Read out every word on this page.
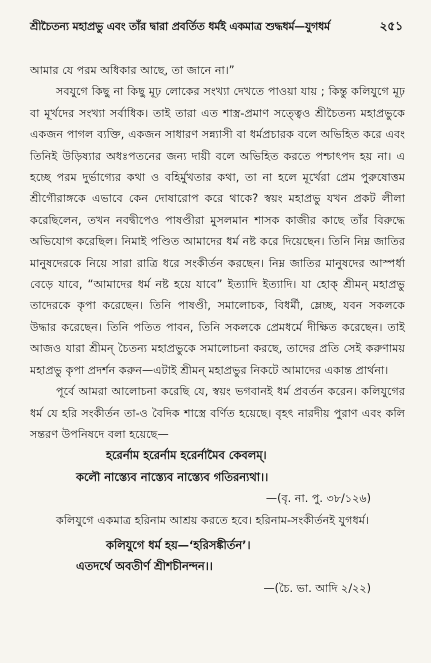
শ্রীচৈতন্য মহাপ্রভু এবং তাঁর দ্বারা প্রবর্তিত ধর্মই একমাত্র শুদ্ধধর্ম—যুগধর্ম	২৫১

আমার যে পরম অধিকার আছে, তা জানে না।”

সবযুগে কিছু না কিছু মূঢ় লোকের সংখ্যা দেখতে পাওয়া যায় ; কিন্তু কলিযুগে মূঢ় বা মূর্খদের সংখ্যা সর্বাধিক। তাই তারা এত শাস্ত্র-প্রমাণ সত্ত্বেও শ্রীচৈতন্য মহাপ্রভুকে একজন পাগল ব্যক্তি, একজন সাধারণ সন্ন্যাসী বা ধর্মপ্রচারক বলে অভিহিত করে এবং তিনিই উড়িষ্যার অধঃপতনের জন্য দায়ী বলে অভিহিত করতে পশ্চাৎপদ হয় না। এ হচ্ছে পরম দুর্ভাগ্যের কথা ও বহির্মুখতার কথা, তা না হলে মূর্খেরা প্রেম পুরুষোত্তম শ্রীগৌরাঙ্গকে এভাবে কেন দোষারোপ করে থাকে? স্বয়ং মহাপ্রভু যখন প্রকট লীলা করেছিলেন, তখন নবদ্বীপেও পাষণ্ডীরা মুসলমান শাসক কাজীর কাছে তাঁর বিরুদ্ধে অভিযোগ করেছিল। নিমাই পণ্ডিত আমাদের ধর্ম নষ্ট করে দিয়েছেন। তিনি নিম্ন জাতির মানুষদেরকে নিয়ে সারা রাত্রি ধরে সংকীর্তন করছেন। নিম্ন জাতির মানুষদের আস্পর্ধা বেড়ে যাবে, “আমাদের ধর্ম নষ্ট হয়ে যাবে” ইত্যাদি ইত্যাদি। যা হোক্ শ্রীমন্ মহাপ্রভু তাদেরকে কৃপা করেছেন। তিনি পাষণ্ডী, সমালোচক, বিধর্মী, ম্লেচ্ছ, যবন সকলকে উদ্ধার করেছেন। তিনি পতিত পাবন, তিনি সকলকে প্রেমধর্মে দীক্ষিত করেছেন। তাই আজও যারা শ্রীমন্ চৈতন্য মহাপ্রভুকে সমালোচনা করছে, তাদের প্রতি সেই করুণাময় মহাপ্রভু কৃপা প্রদর্শন করুন—এটাই শ্রীমন্ মহাপ্রভুর নিকটে আমাদের একান্ত প্রার্থনা।

পূর্বে আমরা আলোচনা করেছি যে, স্বয়ং ভগবানই ধর্ম প্রবর্তন করেন। কলিযুগের ধর্ম যে হরি সংকীর্তন তা-ও বৈদিক শাস্ত্রে বর্ণিত হয়েছে। বৃহৎ নারদীয় পুরাণ এবং কলি সন্তরণ উপনিষদে বলা হয়েছে—

হরের্নাম হরের্নাম হরের্নামৈব কেবলম্।

কলৌ নাস্ত্যেব নাস্ত্যেব নাস্ত্যেব গতিরন্যথা।।

—(বৃ. না. পু. ৩৮/১২৬)

কলিযুগে একমাত্র হরিনাম আশ্রয় করতে হবে। হরিনাম-সংকীর্তনই যুগধর্ম।

কলিযুগে ধর্ম হয়—‘হরিসঙ্কীর্তন’।

এতদর্থে অবতীর্ণ শ্রীশচীনন্দন।।

—(চৈ. ভা. আদি ২/২২)
